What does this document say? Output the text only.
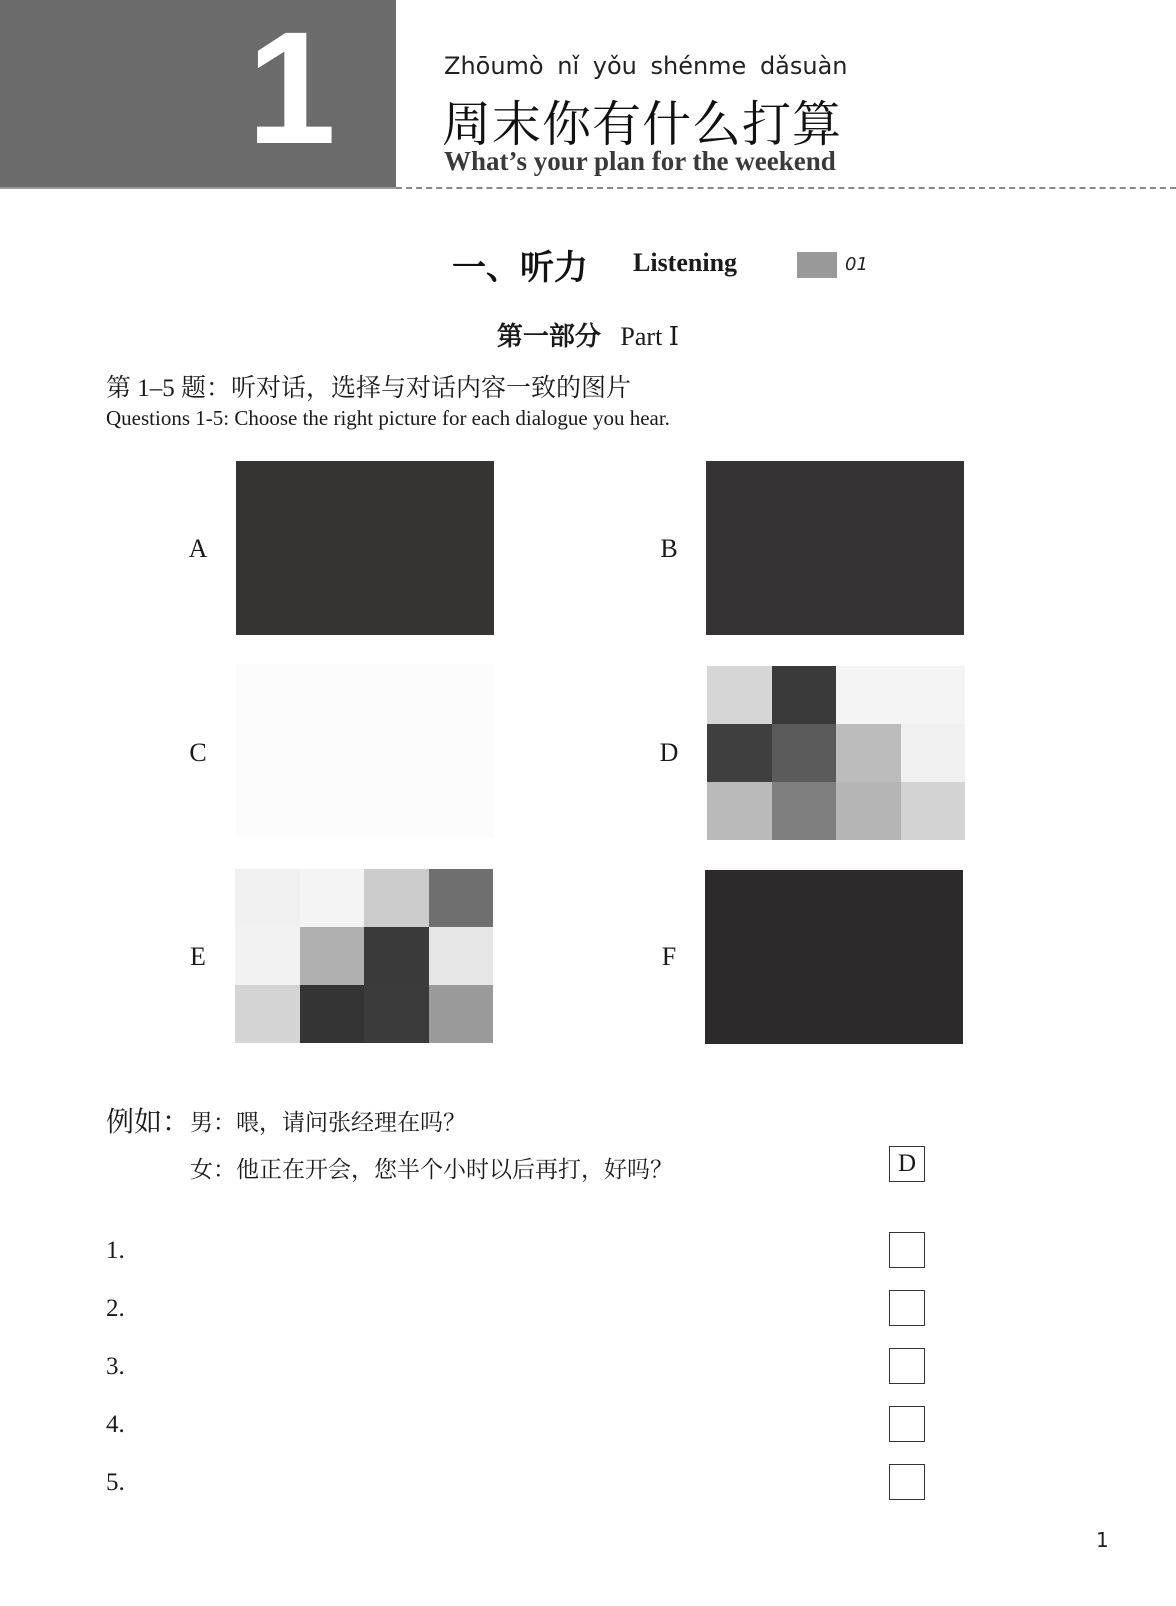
1	Zhōumò nǐ yǒu shénme dǎsuàn
周末你有什么打算
What’s your plan for the weekend
一、听力 Listening	01
第一部分 Part Ⅰ
第 1–5 题：听对话，选择与对话内容一致的图片
Questions 1-5: Choose the right picture for each dialogue you hear.
A	B
C	D
E	F
例如： 男：喂，请问张经理在吗？
女：他正在开会，您半个小时以后再打，好吗？	D
1.
2.
3.
4.
5.
1
